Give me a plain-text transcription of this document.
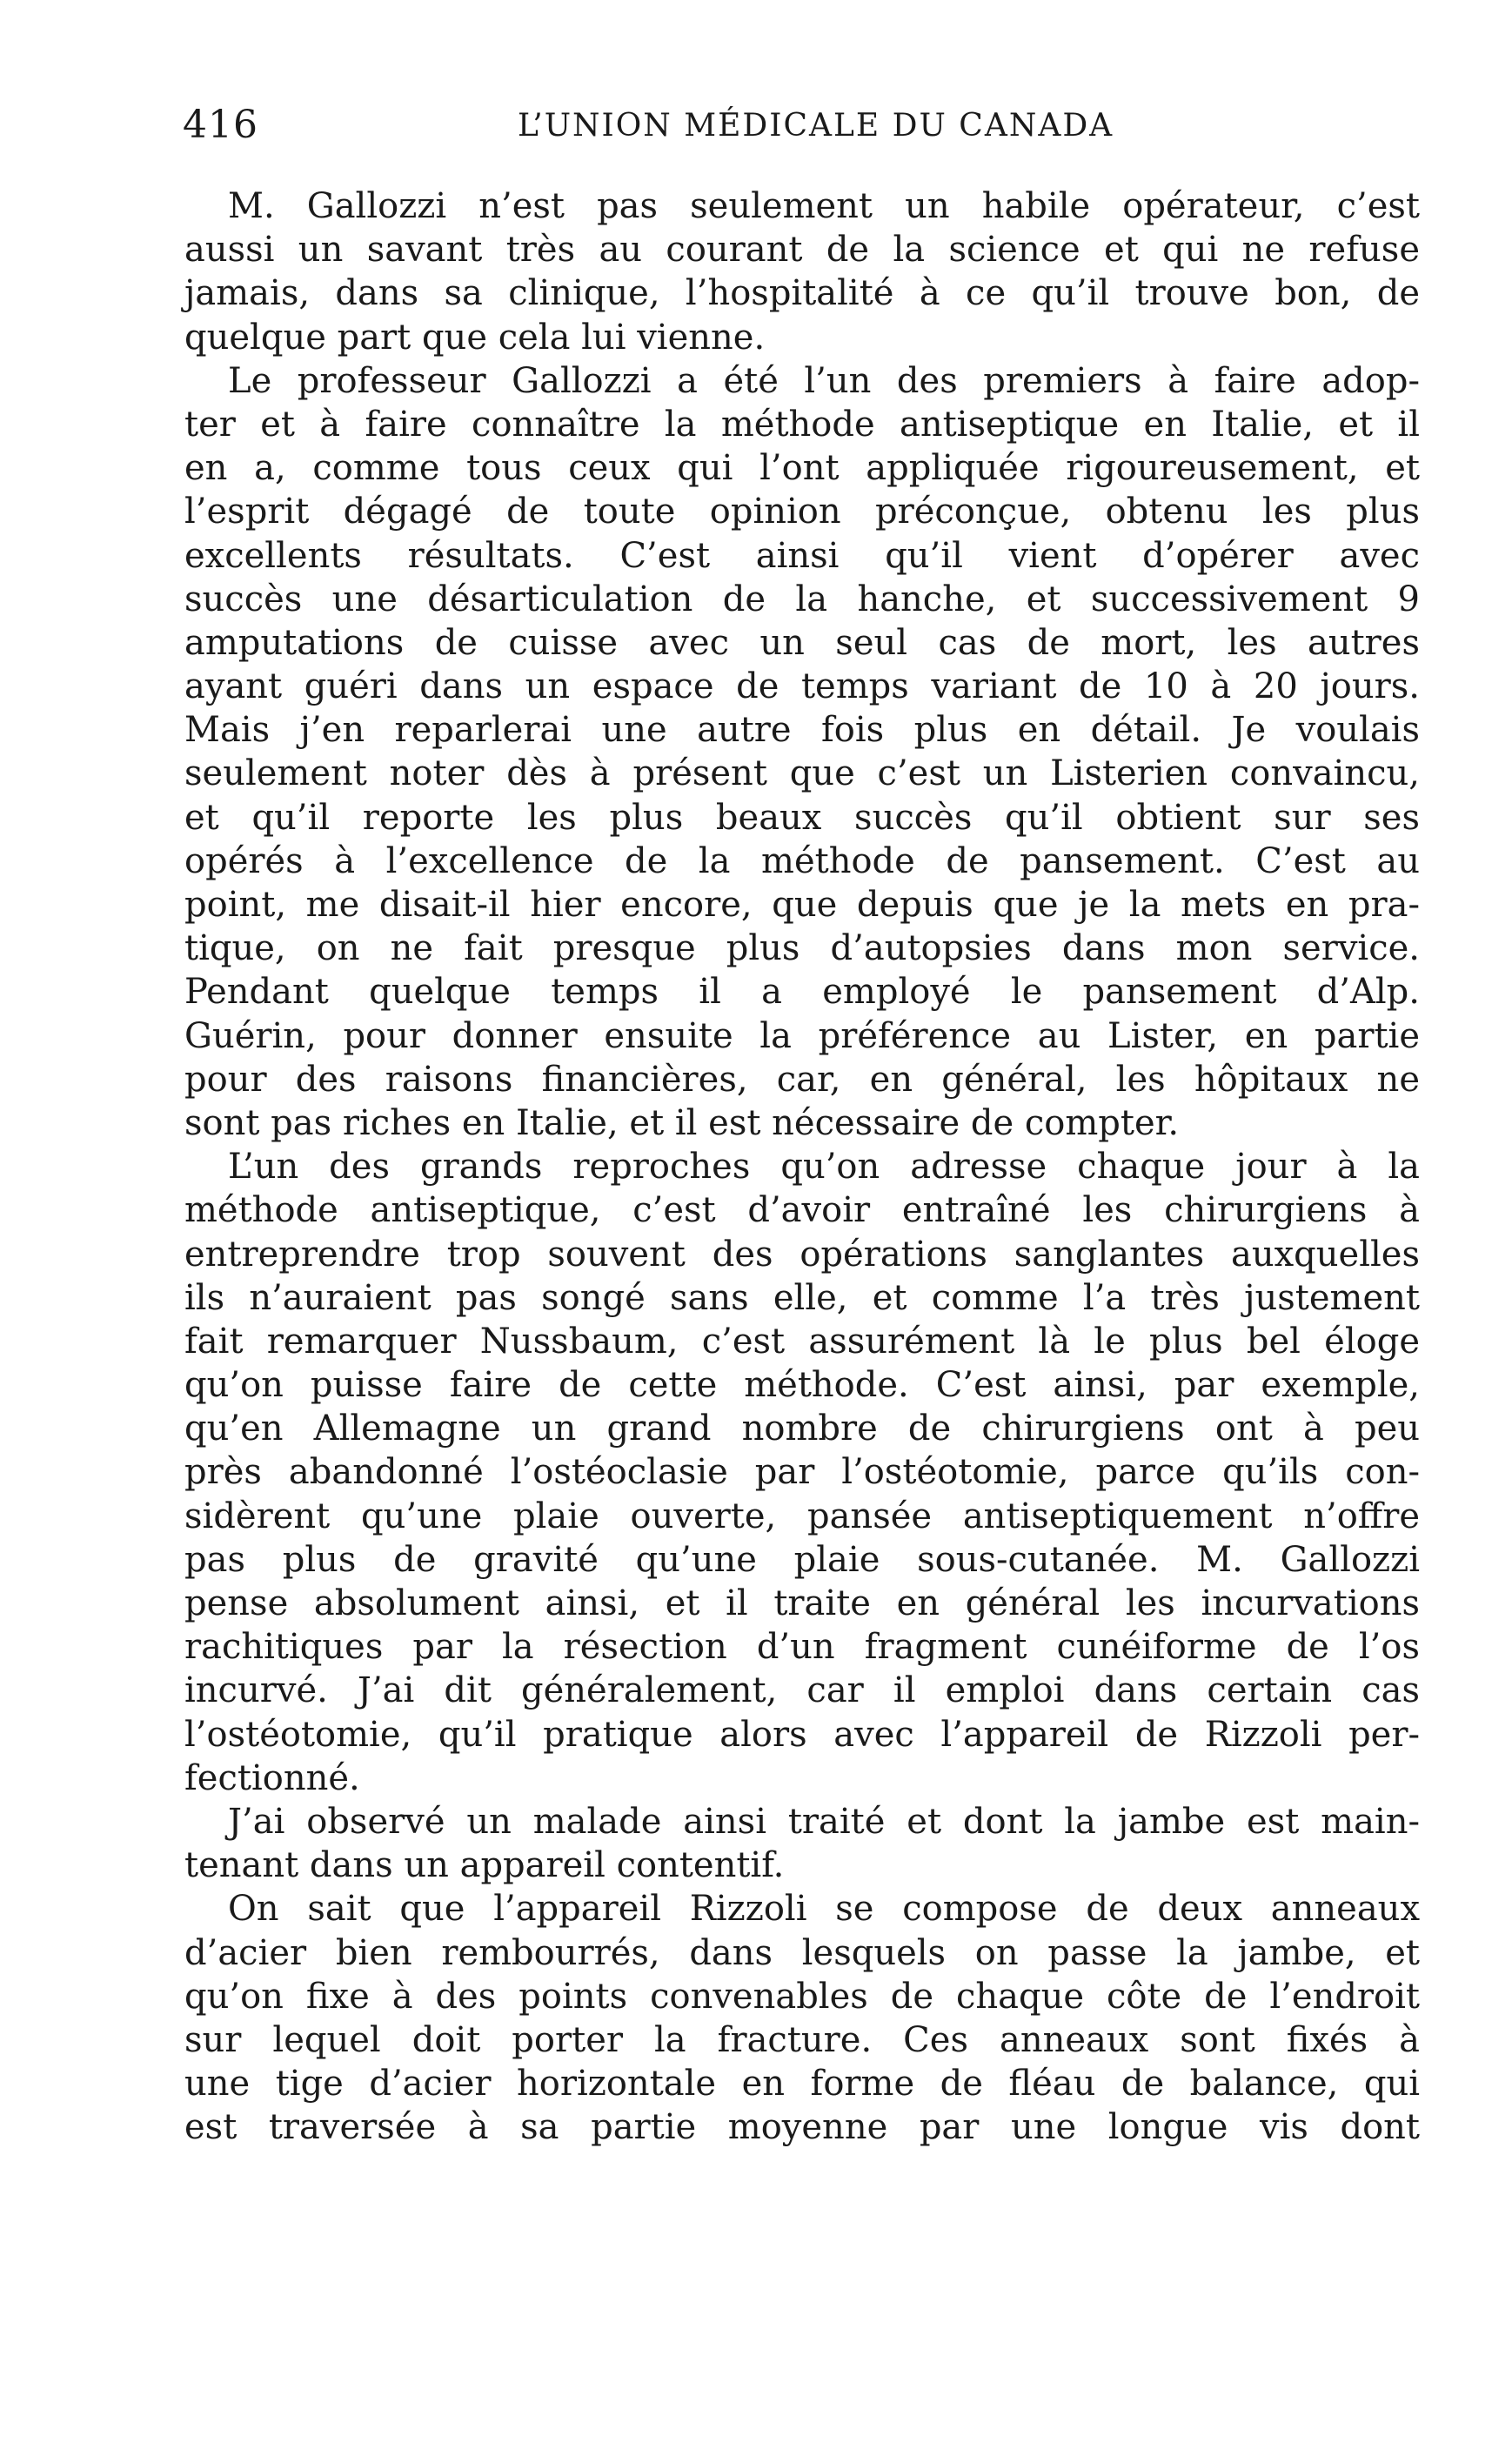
416	L’UNION MÉDICALE DU CANADA
M. Gallozzi n’est pas seulement un habile opérateur, c’est
aussi un savant très au courant de la science et qui ne refuse
jamais, dans sa clinique, l’hospitalité à ce qu’il trouve bon, de
quelque part que cela lui vienne.
Le professeur Gallozzi a été l’un des premiers à faire adop-
ter et à faire connaître la méthode antiseptique en Italie, et il
en a, comme tous ceux qui l’ont appliquée rigoureusement, et
l’esprit dégagé de toute opinion préconçue, obtenu les plus
excellents résultats. C’est ainsi qu’il vient d’opérer avec
succès une désarticulation de la hanche, et successivement 9
amputations de cuisse avec un seul cas de mort, les autres
ayant guéri dans un espace de temps variant de 10 à 20 jours.
Mais j’en reparlerai une autre fois plus en détail. Je voulais
seulement noter dès à présent que c’est un Listerien convaincu,
et qu’il reporte les plus beaux succès qu’il obtient sur ses
opérés à l’excellence de la méthode de pansement. C’est au
point, me disait-il hier encore, que depuis que je la mets en pra-
tique, on ne fait presque plus d’autopsies dans mon service.
Pendant quelque temps il a employé le pansement d’Alp.
Guérin, pour donner ensuite la préférence au Lister, en partie
pour des raisons financières, car, en général, les hôpitaux ne
sont pas riches en Italie, et il est nécessaire de compter.
L’un des grands reproches qu’on adresse chaque jour à la
méthode antiseptique, c’est d’avoir entraîné les chirurgiens à
entreprendre trop souvent des opérations sanglantes auxquelles
ils n’auraient pas songé sans elle, et comme l’a très justement
fait remarquer Nussbaum, c’est assurément là le plus bel éloge
qu’on puisse faire de cette méthode. C’est ainsi, par exemple,
qu’en Allemagne un grand nombre de chirurgiens ont à peu
près abandonné l’ostéoclasie par l’ostéotomie, parce qu’ils con-
sidèrent qu’une plaie ouverte, pansée antiseptiquement n’offre
pas plus de gravité qu’une plaie sous-cutanée. M. Gallozzi
pense absolument ainsi, et il traite en général les incurvations
rachitiques par la résection d’un fragment cunéiforme de l’os
incurvé. J’ai dit généralement, car il emploi dans certain cas
l’ostéotomie, qu’il pratique alors avec l’appareil de Rizzoli per-
fectionné.
J’ai observé un malade ainsi traité et dont la jambe est main-
tenant dans un appareil contentif.
On sait que l’appareil Rizzoli se compose de deux anneaux
d’acier bien rembourrés, dans lesquels on passe la jambe, et
qu’on fixe à des points convenables de chaque côte de l’endroit
sur lequel doit porter la fracture. Ces anneaux sont fixés à
une tige d’acier horizontale en forme de fléau de balance, qui
est traversée à sa partie moyenne par une longue vis dont
